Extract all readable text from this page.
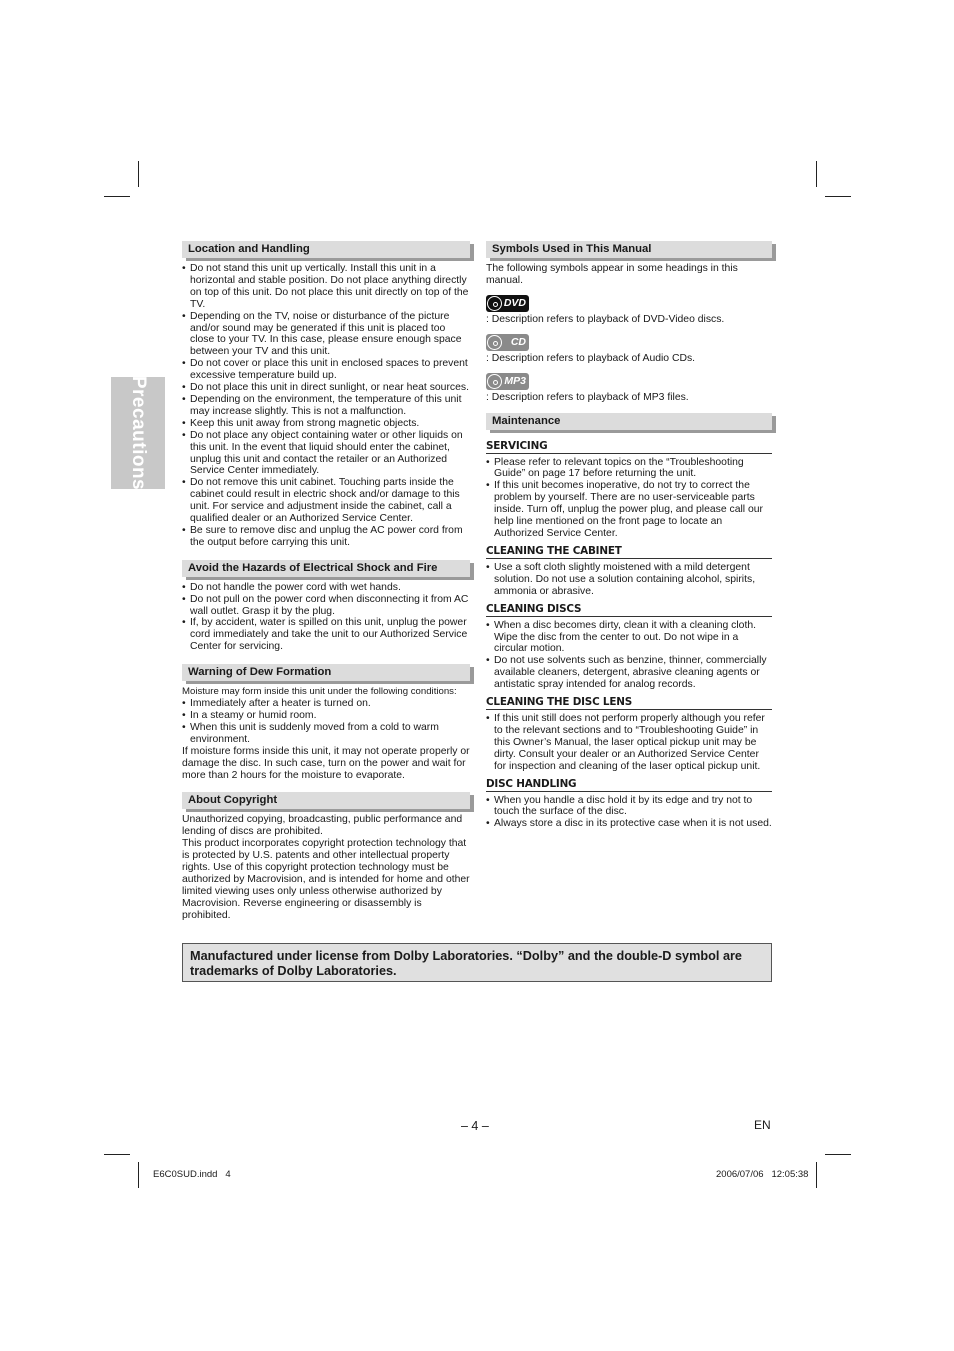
Precautions
Location and Handling
• Do not stand this unit up vertically. Install this unit in a horizontal and stable position. Do not place anything directly on top of this unit. Do not place this unit directly on top of the TV.
• Depending on the TV, noise or disturbance of the picture and/or sound may be generated if this unit is placed too close to your TV. In this case, please ensure enough space between your TV and this unit.
• Do not cover or place this unit in enclosed spaces to prevent excessive temperature build up.
• Do not place this unit in direct sunlight, or near heat sources.
• Depending on the environment, the temperature of this unit may increase slightly. This is not a malfunction.
• Keep this unit away from strong magnetic objects.
• Do not place any object containing water or other liquids on this unit. In the event that liquid should enter the cabinet, unplug this unit and contact the retailer or an Authorized Service Center immediately.
• Do not remove this unit cabinet. Touching parts inside the cabinet could result in electric shock and/or damage to this unit. For service and adjustment inside the cabinet, call a qualified dealer or an Authorized Service Center.
• Be sure to remove disc and unplug the AC power cord from the output before carrying this unit.
Avoid the Hazards of Electrical Shock and Fire
• Do not handle the power cord with wet hands.
• Do not pull on the power cord when disconnecting it from AC wall outlet. Grasp it by the plug.
• If, by accident, water is spilled on this unit, unplug the power cord immediately and take the unit to our Authorized Service Center for servicing.
Warning of Dew Formation

Moisture may form inside this unit under the following conditions:

• Immediately after a heater is turned on.
• In a steamy or humid room.
• When this unit is suddenly moved from a cold to warm environment.

If moisture forms inside this unit, it may not operate properly or damage the disc. In such case, turn on the power and wait for more than 2 hours for the moisture to evaporate.

About Copyright

Unauthorized copying, broadcasting, public performance and lending of discs are prohibited.

This product incorporates copyright protection technology that is protected by U.S. patents and other intellectual property rights. Use of this copyright protection technology must be authorized by Macrovision, and is intended for home and other limited viewing uses only unless otherwise authorized by Macrovision. Reverse engineering or disassembly is prohibited.

Symbols Used in This Manual

The following symbols appear in some headings in this manual.

DVD

: Description refers to playback of DVD-Video discs.

CD

: Description refers to playback of Audio CDs.

MP3

: Description refers to playback of MP3 files.

Maintenance
SERVICING
• Please refer to relevant topics on the “Troubleshooting Guide” on page 17 before returning the unit.
• If this unit becomes inoperative, do not try to correct the problem by yourself. There are no user-serviceable parts inside. Turn off, unplug the power plug, and please call our help line mentioned on the front page to locate an Authorized Service Center.
CLEANING THE CABINET
• Use a soft cloth slightly moistened with a mild detergent solution. Do not use a solution containing alcohol, spirits, ammonia or abrasive.
CLEANING DISCS
• When a disc becomes dirty, clean it with a cleaning cloth. Wipe the disc from the center to out. Do not wipe in a circular motion.
• Do not use solvents such as benzine, thinner, commercially available cleaners, detergent, abrasive cleaning agents or antistatic spray intended for analog records.
CLEANING THE DISC LENS
• If this unit still does not perform properly although you refer to the relevant sections and to “Troubleshooting Guide” in this Owner’s Manual, the laser optical pickup unit may be dirty. Consult your dealer or an Authorized Service Center for inspection and cleaning of the laser optical pickup unit.
DISC HANDLING
• When you handle a disc hold it by its edge and try not to touch the surface of the disc.
• Always store a disc in its protective case when it is not used.

Manufactured under license from Dolby Laboratories. “Dolby” and the double-D symbol are trademarks of Dolby Laboratories.

– 4 –	EN
E6C0SUD.indd   4	2006/07/06   12:05:38
